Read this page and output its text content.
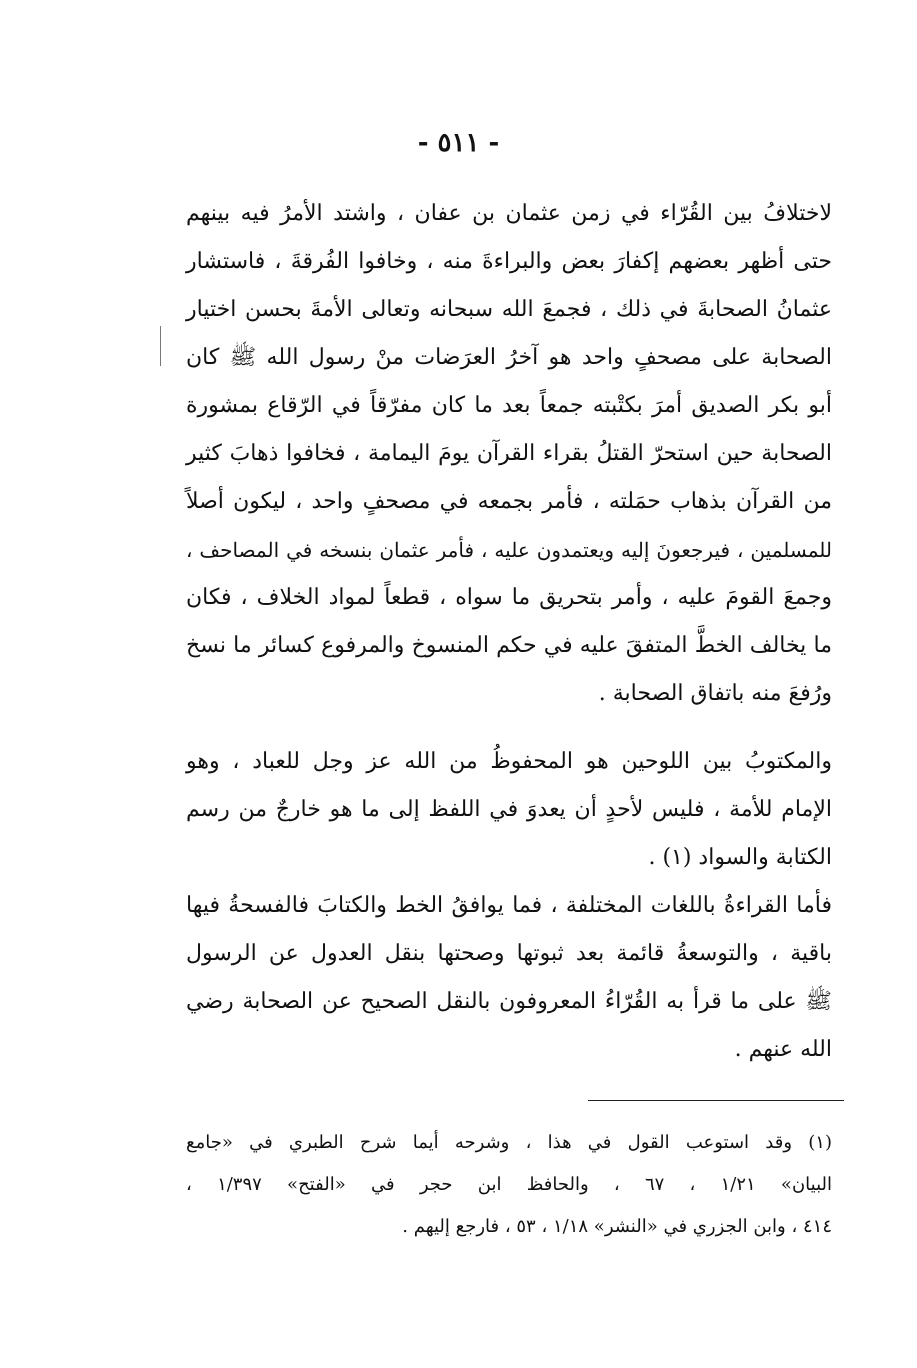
- ٥١١ -
لاختلافُ بين القُرّاء في زمن عثمان بن عفان ، واشتد الأمرُ فيه بينهم
حتى أظهر بعضهم إكفارَ بعض والبراءةَ منه ، وخافوا الفُرقةَ ، فاستشار
عثمانُ الصحابةَ في ذلك ، فجمعَ الله سبحانه وتعالى الأمةَ بحسن اختيار
الصحابة على مصحفٍ واحد هو آخرُ العرَضات منْ رسول الله ﷺ كان
أبو بكر الصديق أمرَ بكتْبته جمعاً بعد ما كان مفرّقاً في الرّقاع بمشورة
الصحابة حين استحرّ القتلُ بقراء القرآن يومَ اليمامة ، فخافوا ذهابَ كثير
من القرآن بذهاب حمَلته ، فأمر بجمعه في مصحفٍ واحد ، ليكون أصلاً
للمسلمين ، فيرجعونَ إليه ويعتمدون عليه ، فأمر عثمان بنسخه في المصاحف ،
وجمعَ القومَ عليه ، وأمر بتحريق ما سواه ، قطعاً لمواد الخلاف ، فكان
ما يخالف الخطَّ المتفقَ عليه في حكم المنسوخ والمرفوع كسائر ما نسخ
ورُفعَ منه باتفاق الصحابة .
والمكتوبُ بين اللوحين هو المحفوظُ من الله عز وجل للعباد ، وهو
الإمام للأمة ، فليس لأحدٍ أن يعدوَ في اللفظ إلى ما هو خارجٌ من رسم
الكتابة والسواد (١) .
فأما القراءةُ باللغات المختلفة ، فما يوافقُ الخط والكتابَ فالفسحةُ فيها
باقية ، والتوسعةُ قائمة بعد ثبوتها وصحتها بنقل العدول عن الرسول
ﷺ على ما قرأ به القُرّاءُ المعروفون بالنقل الصحيح عن الصحابة رضي
الله عنهم .
(١) وقد استوعب القول في هذا ، وشرحه أيما شرح الطبري في «جامع
البيان» ١/٢١ ، ٦٧ ، والحافظ ابن حجر في «الفتح» ١/٣٩٧ ،
٤١٤ ، وابن الجزري في «النشر» ١/١٨ ، ٥٣ ، فارجع إليهم .
